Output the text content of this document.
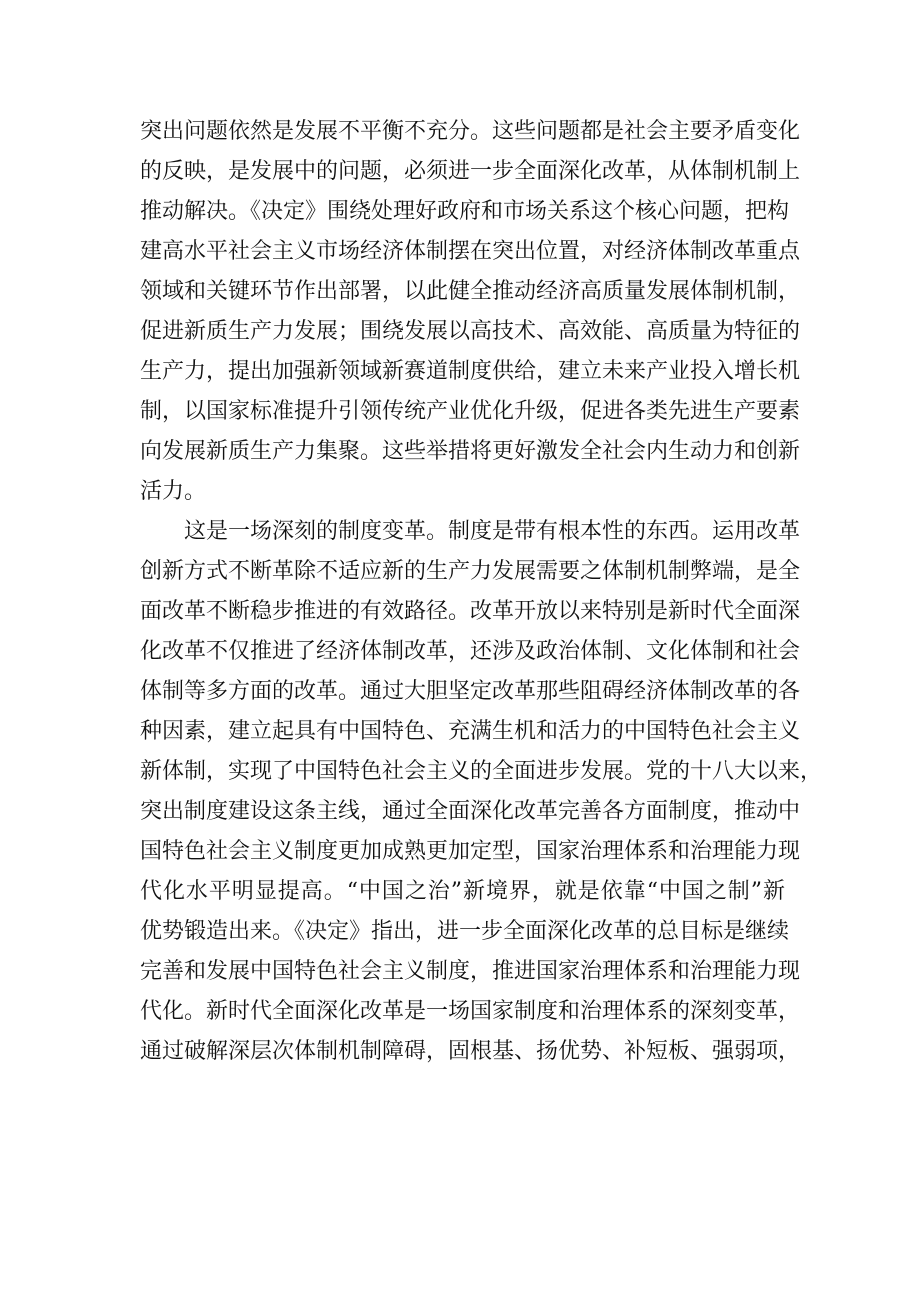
突出问题依然是发展不平衡不充分。这些问题都是社会主要矛盾变化
的反映，是发展中的问题，必须进一步全面深化改革，从体制机制上
推动解决。《决定》围绕处理好政府和市场关系这个核心问题，把构
建高水平社会主义市场经济体制摆在突出位置，对经济体制改革重点
领域和关键环节作出部署，以此健全推动经济高质量发展体制机制，
促进新质生产力发展；围绕发展以高技术、高效能、高质量为特征的
生产力，提出加强新领域新赛道制度供给，建立未来产业投入增长机
制，以国家标准提升引领传统产业优化升级，促进各类先进生产要素
向发展新质生产力集聚。这些举措将更好激发全社会内生动力和创新
活力。
这是一场深刻的制度变革。制度是带有根本性的东西。运用改革
创新方式不断革除不适应新的生产力发展需要之体制机制弊端，是全
面改革不断稳步推进的有效路径。改革开放以来特别是新时代全面深
化改革不仅推进了经济体制改革，还涉及政治体制、文化体制和社会
体制等多方面的改革。通过大胆坚定改革那些阻碍经济体制改革的各
种因素，建立起具有中国特色、充满生机和活力的中国特色社会主义
新体制，实现了中国特色社会主义的全面进步发展。党的十八大以来，
突出制度建设这条主线，通过全面深化改革完善各方面制度，推动中
国特色社会主义制度更加成熟更加定型，国家治理体系和治理能力现
代化水平明显提高。“中国之治”新境界，就是依靠“中国之制”新
优势锻造出来。《决定》指出，进一步全面深化改革的总目标是继续
完善和发展中国特色社会主义制度，推进国家治理体系和治理能力现
代化。新时代全面深化改革是一场国家制度和治理体系的深刻变革，
通过破解深层次体制机制障碍，固根基、扬优势、补短板、强弱项，
